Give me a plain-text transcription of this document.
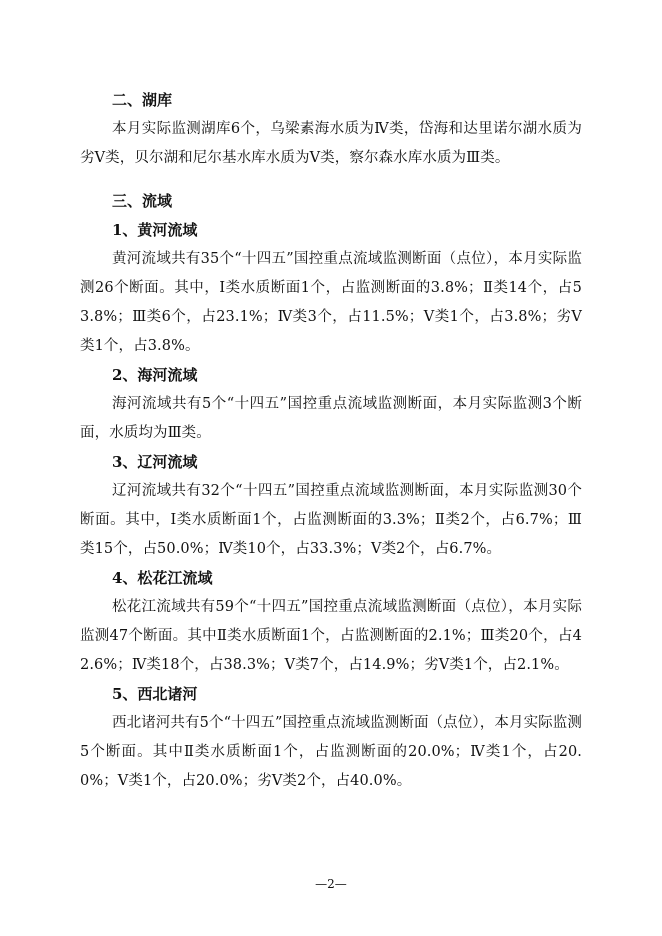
二、湖库

本月实际监测湖库6个，乌梁素海水质为Ⅳ类，岱海和达里诺尔湖水质为劣Ⅴ类，贝尔湖和尼尔基水库水质为Ⅴ类，察尔森水库水质为Ⅲ类。

三、流域
1、黄河流域

黄河流域共有35个“十四五”国控重点流域监测断面（点位），本月实际监测26个断面。其中，Ⅰ类水质断面1个，占监测断面的3.8%；Ⅱ类14个，占53.8%；Ⅲ类6个，占23.1%；Ⅳ类3个，占11.5%；Ⅴ类1个，占3.8%；劣Ⅴ类1个，占3.8%。

2、海河流域

海河流域共有5个“十四五”国控重点流域监测断面，本月实际监测3个断面，水质均为Ⅲ类。

3、辽河流域

辽河流域共有32个“十四五”国控重点流域监测断面，本月实际监测30个断面。其中，Ⅰ类水质断面1个，占监测断面的3.3%；Ⅱ类2个，占6.7%；Ⅲ类15个，占50.0%；Ⅳ类10个，占33.3%；Ⅴ类2个，占6.7%。

4、松花江流域

松花江流域共有59个“十四五”国控重点流域监测断面（点位），本月实际监测47个断面。其中Ⅱ类水质断面1个，占监测断面的2.1%；Ⅲ类20个，占42.6%；Ⅳ类18个，占38.3%；Ⅴ类7个，占14.9%；劣Ⅴ类1个，占2.1%。

5、西北诸河

西北诸河共有5个“十四五”国控重点流域监测断面（点位），本月实际监测5个断面。其中Ⅱ类水质断面1个，占监测断面的20.0%；Ⅳ类1个，占20.0%；Ⅴ类1个，占20.0%；劣Ⅴ类2个，占40.0%。

—2—
